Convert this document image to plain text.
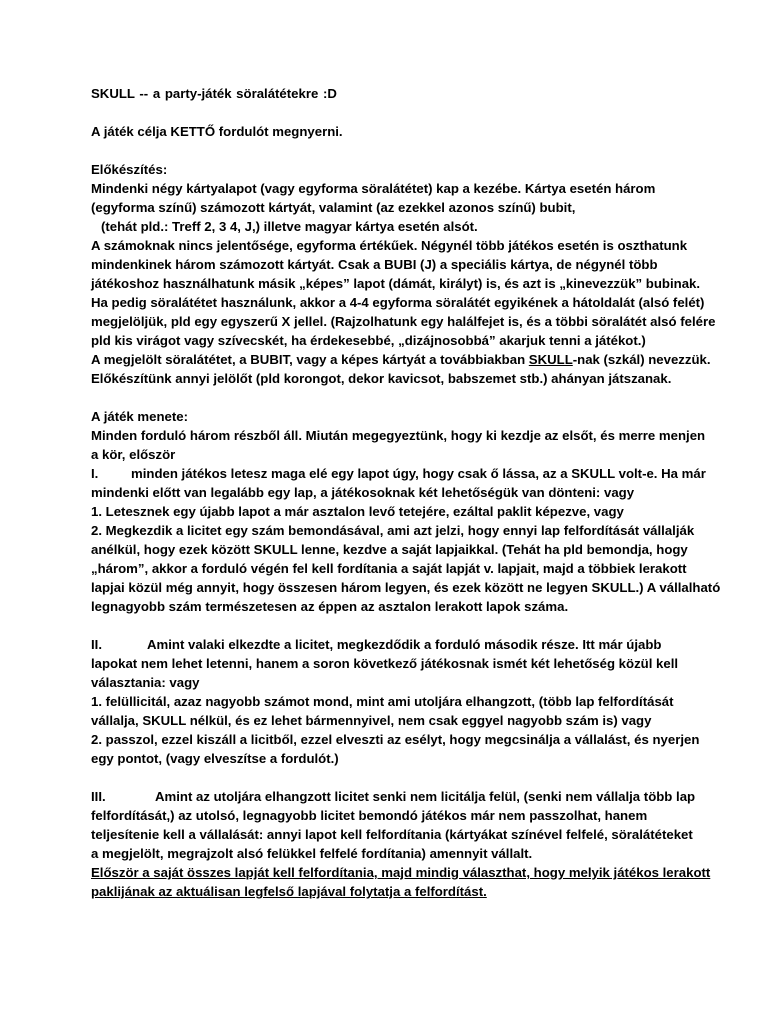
SKULL -- a party-játék söralátétekre :D

A játék célja KETTŐ fordulót megnyerni.

Előkészítés:

Mindenki négy kártyalapot (vagy egyforma söralátétet) kap a kezébe. Kártya esetén három

(egyforma színű) számozott kártyát, valamint (az ezekkel azonos színű) bubit,

(tehát pld.: Treff 2, 3 4, J,) illetve magyar kártya esetén alsót.

A számoknak nincs jelentősége, egyforma értékűek. Négynél több játékos esetén is oszthatunk

mindenkinek három számozott kártyát. Csak a BUBI (J) a speciális kártya, de négynél több

játékoshoz használhatunk másik „képes” lapot (dámát, királyt) is, és azt is „kinevezzük” bubinak.

Ha pedig söralátétet használunk, akkor a 4-4 egyforma söralátét egyikének a hátoldalát (alsó felét)

megjelöljük, pld egy egyszerű X jellel. (Rajzolhatunk egy halálfejet is, és a többi söralátét alsó felére

pld kis virágot vagy szívecskét, ha érdekesebbé, „dizájnosobbá” akarjuk tenni a játékot.)

A megjelölt söralátétet, a BUBIT, vagy a képes kártyát a továbbiakban SKULL-nak (szkál) nevezzük.

Előkészítünk annyi jelölőt (pld korongot, dekor kavicsot, babszemet stb.) ahányan játszanak.

A játék menete:

Minden forduló három részből áll. Miután megegyeztünk, hogy ki kezdje az elsőt, és merre menjen

a kör, először

I. minden játékos letesz maga elé egy lapot úgy, hogy csak ő lássa, az a SKULL volt-e. Ha már

mindenki előtt van legalább egy lap, a játékosoknak két lehetőségük van dönteni: vagy

1. Letesznek egy újabb lapot a már asztalon levő tetejére, ezáltal paklit képezve, vagy

2. Megkezdik a licitet egy szám bemondásával, ami azt jelzi, hogy ennyi lap felfordítását vállalják

anélkül, hogy ezek között SKULL lenne, kezdve a saját lapjaikkal. (Tehát ha pld bemondja, hogy

„három”, akkor a forduló végén fel kell fordítania a saját lapját v. lapjait, majd a többiek lerakott

lapjai közül még annyit, hogy összesen három legyen, és ezek között ne legyen SKULL.) A vállalható

legnagyobb szám természetesen az éppen az asztalon lerakott lapok száma.

II.	Amint valaki elkezdte a licitet, megkezdődik a forduló második része. Itt már újabb

lapokat nem lehet letenni, hanem a soron következő játékosnak ismét két lehetőség közül kell

választania: vagy

1. felüllicitál, azaz nagyobb számot mond, mint ami utoljára elhangzott, (több lap felfordítását

vállalja, SKULL nélkül, és ez lehet bármennyivel, nem csak eggyel nagyobb szám is) vagy

2. passzol, ezzel kiszáll a licitből, ezzel elveszti az esélyt, hogy megcsinálja a vállalást, és nyerjen

egy pontot, (vagy elveszítse a fordulót.)

III.	Amint az utoljára elhangzott licitet senki nem licitálja felül, (senki nem vállalja több lap

felfordítását,) az utolsó, legnagyobb licitet bemondó játékos már nem passzolhat, hanem

teljesítenie kell a vállalását: annyi lapot kell felfordítania (kártyákat színével felfelé, söralátéteket

a megjelölt, megrajzolt alsó felükkel felfelé fordítania) amennyit vállalt.

Először a saját összes lapját kell felfordítania, majd mindig választhat, hogy melyik játékos lerakott

paklijának az aktuálisan legfelső lapjával folytatja a felfordítást.
